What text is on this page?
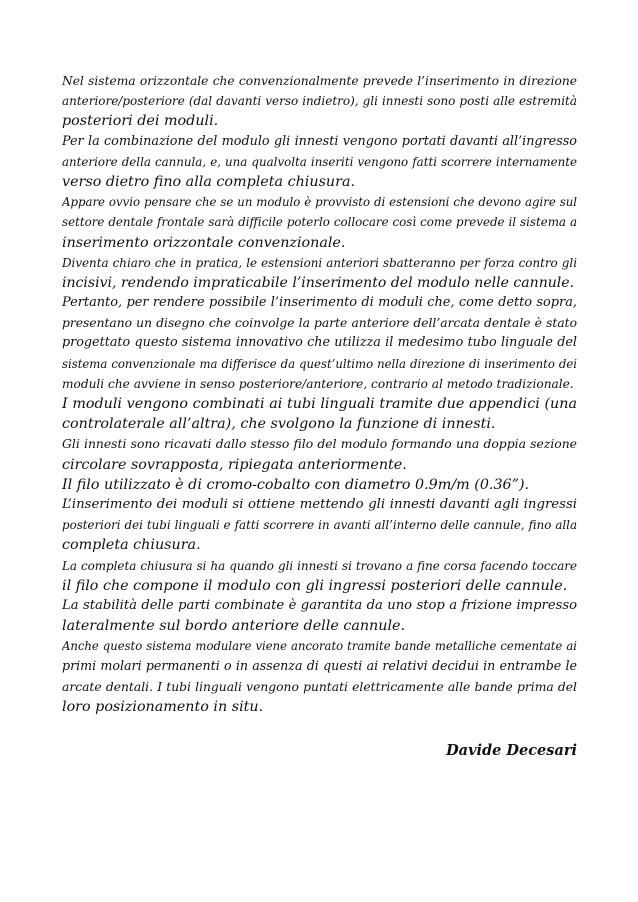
Nel sistema orizzontale che convenzionalmente prevede l’inserimento in direzione
anteriore/posteriore (dal davanti verso indietro), gli innesti sono posti alle estremità
posteriori dei moduli.
Per la combinazione del modulo gli innesti vengono portati davanti all’ingresso
anteriore della cannula, e, una qualvolta inseriti vengono fatti scorrere internamente
verso dietro fino alla completa chiusura.
Appare ovvio pensare che se un modulo è provvisto di estensioni che devono agire sul
settore dentale frontale sarà difficile poterlo collocare così come prevede il sistema a
inserimento orizzontale convenzionale.
Diventa chiaro che in pratica, le estensioni anteriori sbatteranno per forza contro gli
incisivi, rendendo impraticabile l’inserimento del modulo nelle cannule.
Pertanto, per rendere possibile l’inserimento di moduli che, come detto sopra,
presentano un disegno che coinvolge la parte anteriore dell’arcata dentale è stato
progettato questo sistema innovativo che utilizza il medesimo tubo linguale del
sistema convenzionale ma differisce da quest’ultimo nella direzione di inserimento dei
moduli che avviene in senso posteriore/anteriore, contrario al metodo tradizionale.
I moduli vengono combinati ai tubi linguali tramite due appendici (una
controlaterale all’altra), che svolgono la funzione di innesti.
Gli innesti sono ricavati dallo stesso filo del modulo formando una doppia sezione
circolare sovrapposta, ripiegata anteriormente.
Il filo utilizzato è di cromo-cobalto con diametro 0.9m/m (0.36”).
L’inserimento dei moduli si ottiene mettendo gli innesti davanti agli ingressi
posteriori dei tubi linguali e fatti scorrere in avanti all’interno delle cannule, fino alla
completa chiusura.
La completa chiusura si ha quando gli innesti si trovano a fine corsa facendo toccare
il filo che compone il modulo con gli ingressi posteriori delle cannule.
La stabilità delle parti combinate è garantita da uno stop a frizione impresso
lateralmente sul bordo anteriore delle cannule.
Anche questo sistema modulare viene ancorato tramite bande metalliche cementate ai
primi molari permanenti o in assenza di questi ai relativi decidui in entrambe le
arcate dentali. I tubi linguali vengono puntati elettricamente alle bande prima del
loro posizionamento in situ.
Davide Decesari
